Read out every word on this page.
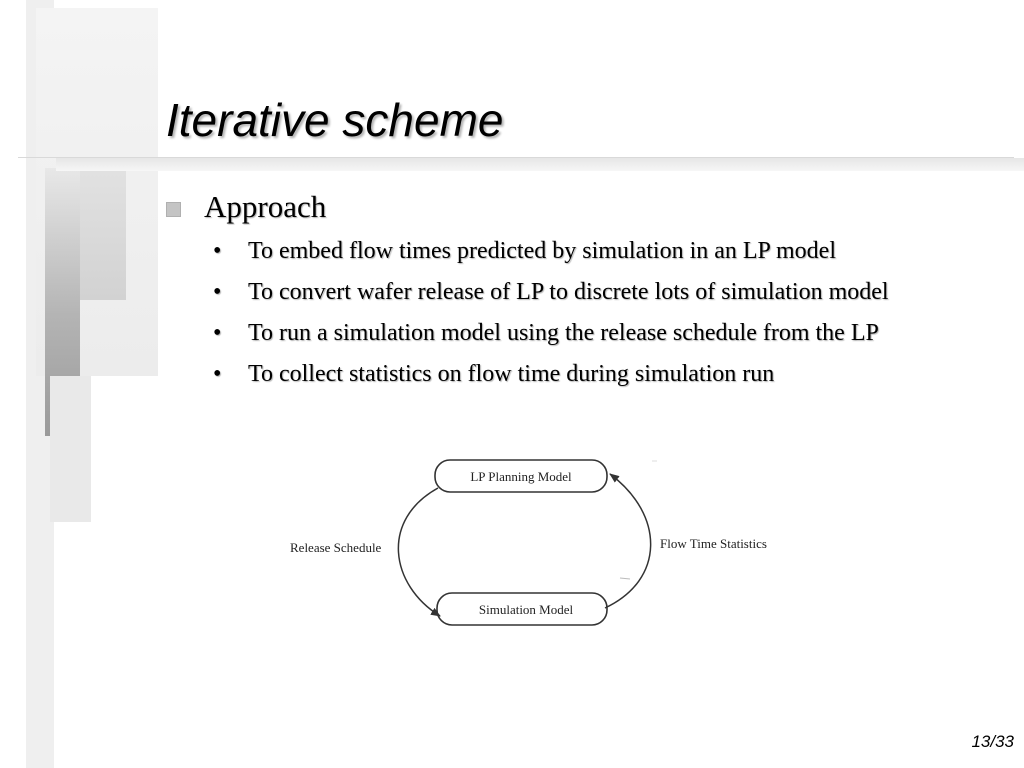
Iterative scheme
Approach
•	To embed flow times predicted by simulation in an LP model
•	To convert wafer release of LP to discrete lots of simulation model
•	To run a simulation model using the release schedule from the LP
•	To collect statistics on flow time during simulation run
LP Planning Model
Simulation Model
Release Schedule	Flow Time Statistics
13/33
